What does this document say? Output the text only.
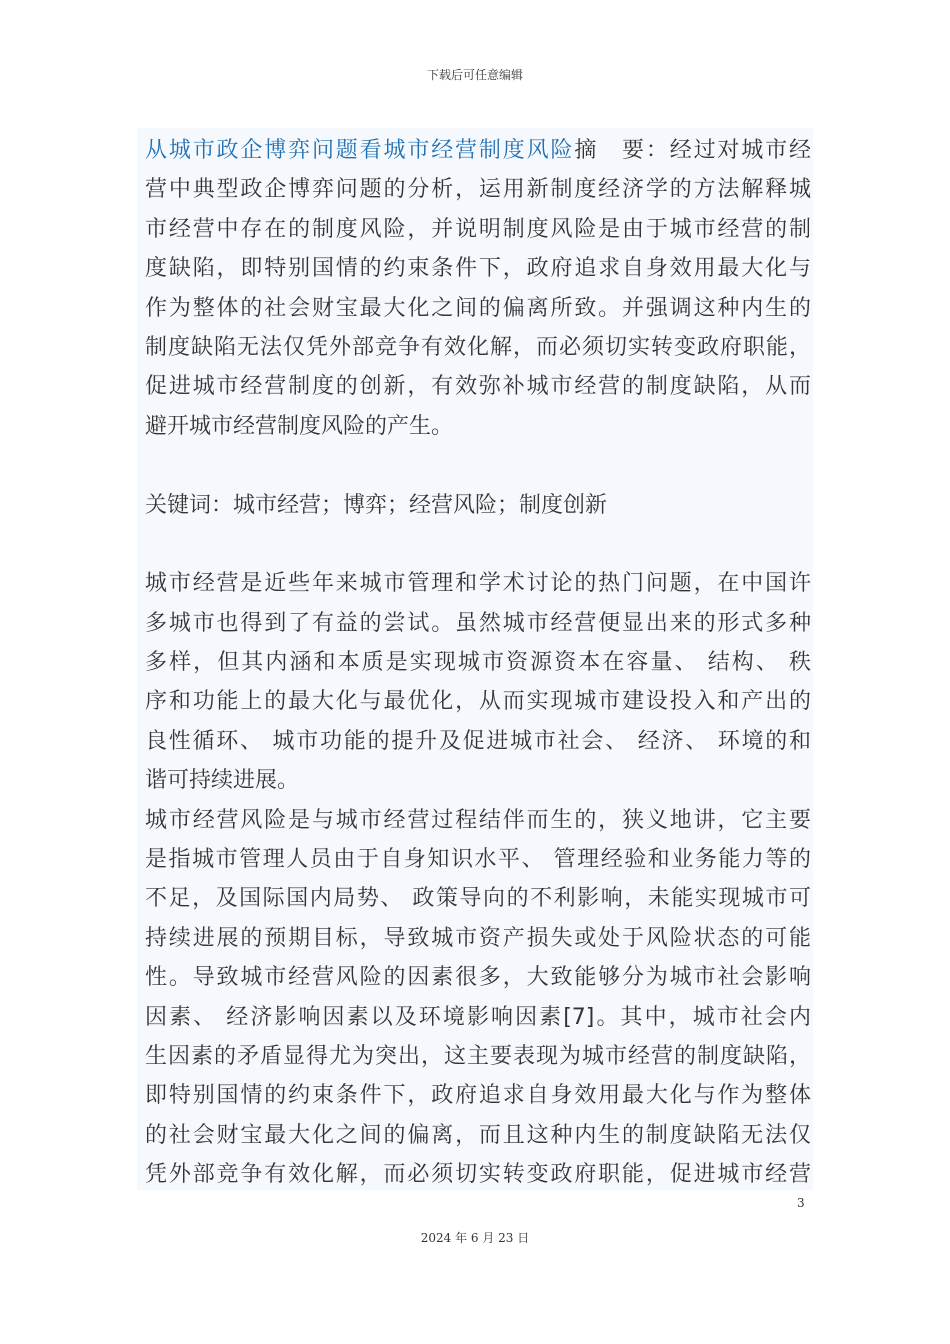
下载后可任意编辑
从城市政企博弈问题看城市经营制度风险摘　要：经过对城市经
营中典型政企博弈问题的分析，运用新制度经济学的方法解释城
市经营中存在的制度风险，并说明制度风险是由于城市经营的制
度缺陷，即特别国情的约束条件下，政府追求自身效用最大化与
作为整体的社会财宝最大化之间的偏离所致。并强调这种内生的
制度缺陷无法仅凭外部竞争有效化解，而必须切实转变政府职能，
促进城市经营制度的创新，有效弥补城市经营的制度缺陷，从而
避开城市经营制度风险的产生。
关键词：城市经营；博弈；经营风险；制度创新
城市经营是近些年来城市管理和学术讨论的热门问题，在中国许
多城市也得到了有益的尝试。虽然城市经营便显出来的形式多种
多样，但其内涵和本质是实现城市资源资本在容量、 结构、 秩
序和功能上的最大化与最优化，从而实现城市建设投入和产出的
良性循环、 城市功能的提升及促进城市社会、 经济、 环境的和
谐可持续进展。
城市经营风险是与城市经营过程结伴而生的，狭义地讲，它主要
是指城市管理人员由于自身知识水平、 管理经验和业务能力等的
不足，及国际国内局势、 政策导向的不利影响，未能实现城市可
持续进展的预期目标，导致城市资产损失或处于风险状态的可能
性。导致城市经营风险的因素很多，大致能够分为城市社会影响
因素、 经济影响因素以及环境影响因素[7]。其中，城市社会内
生因素的矛盾显得尤为突出，这主要表现为城市经营的制度缺陷，
即特别国情的约束条件下，政府追求自身效用最大化与作为整体
的社会财宝最大化之间的偏离，而且这种内生的制度缺陷无法仅
凭外部竞争有效化解，而必须切实转变政府职能，促进城市经营
3
2024 年 6 月 23 日
